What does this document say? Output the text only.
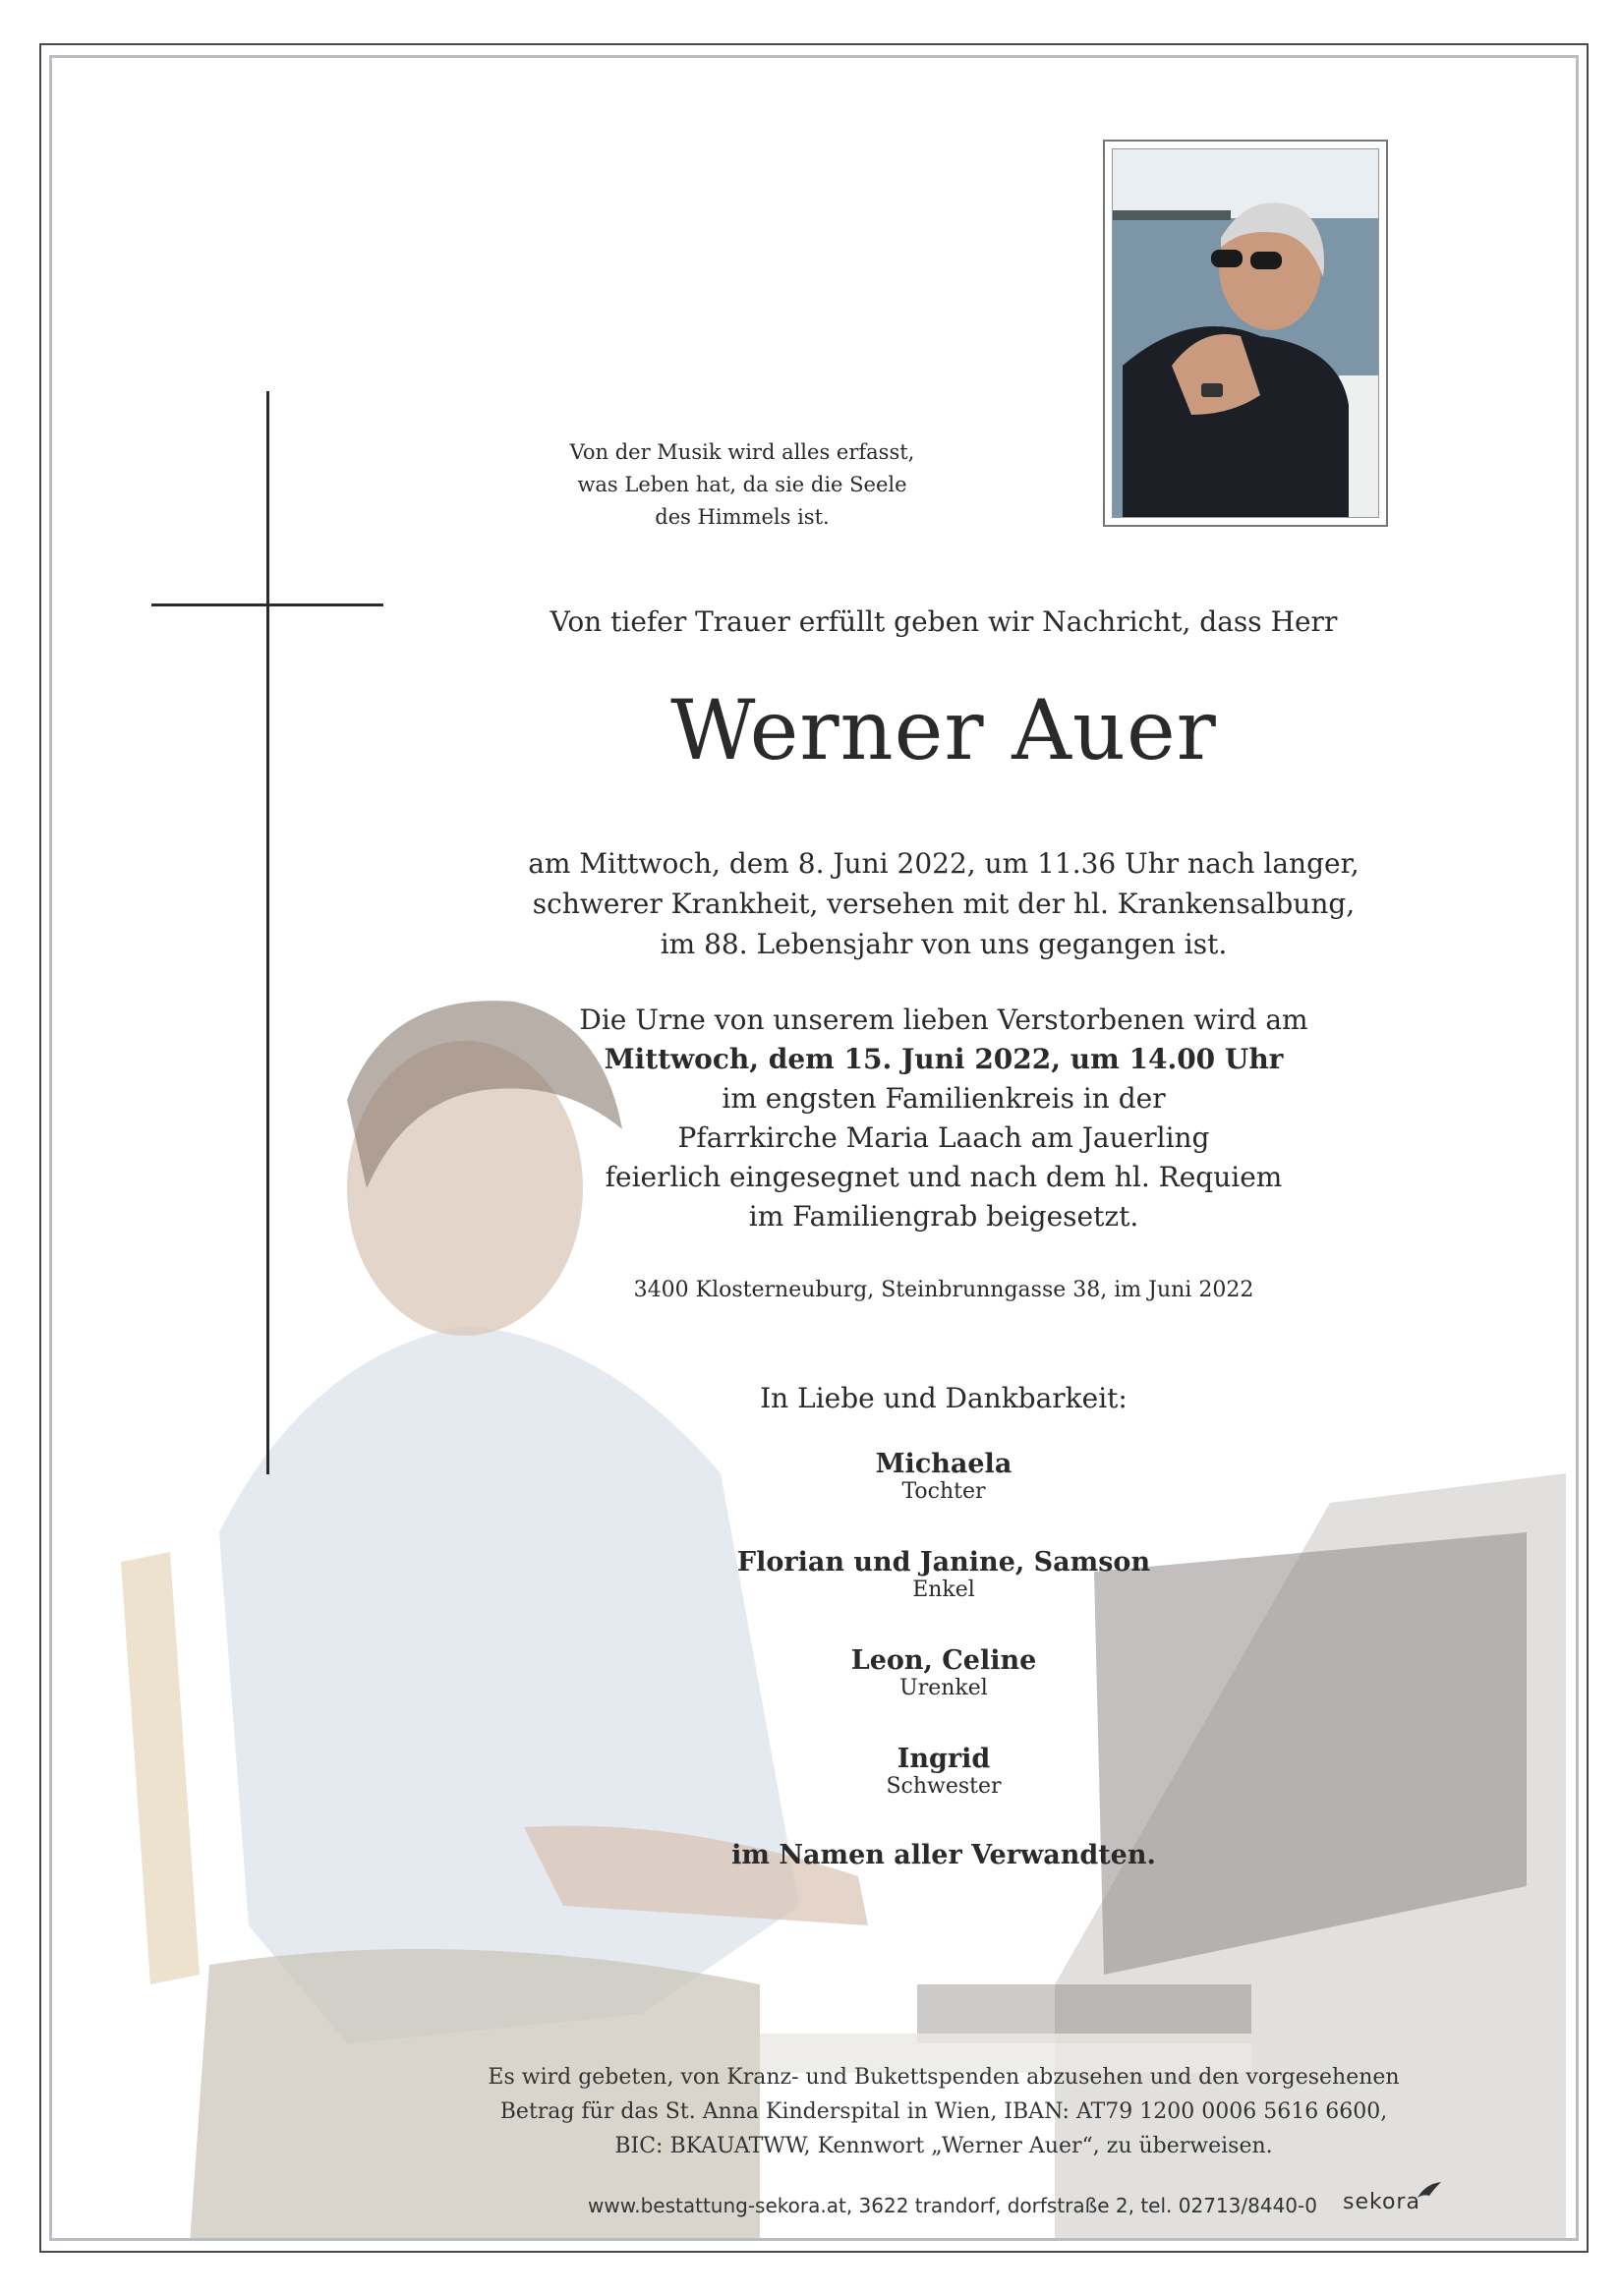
Von der Musik wird alles erfasst,
was Leben hat, da sie die Seele
des Himmels ist.
Von tiefer Trauer erfüllt geben wir Nachricht, dass Herr
Werner Auer
am Mittwoch, dem 8. Juni 2022, um 11.36 Uhr nach langer,
schwerer Krankheit, versehen mit der hl. Krankensalbung,
im 88. Lebensjahr von uns gegangen ist.
Die Urne von unserem lieben Verstorbenen wird am
Mittwoch, dem 15. Juni 2022, um 14.00 Uhr
im engsten Familienkreis in der
Pfarrkirche Maria Laach am Jauerling
feierlich eingesegnet und nach dem hl. Requiem
im Familiengrab beigesetzt.
3400 Klosterneuburg, Steinbrunngasse 38, im Juni 2022
In Liebe und Dankbarkeit:
Michaela
Tochter
Florian und Janine, Samson
Enkel
Leon, Celine
Urenkel
Ingrid
Schwester
im Namen aller Verwandten.
Es wird gebeten, von Kranz- und Bukettspenden abzusehen und den vorgesehenen
Betrag für das St. Anna Kinderspital in Wien, IBAN: AT79 1200 0006 5616 6600,
BIC: BKAUATWW, Kennwort „Werner Auer“, zu überweisen.
www.bestattung-sekora.at, 3622 trandorf, dorfstraße 2, tel. 02713/8440-0 sekora
